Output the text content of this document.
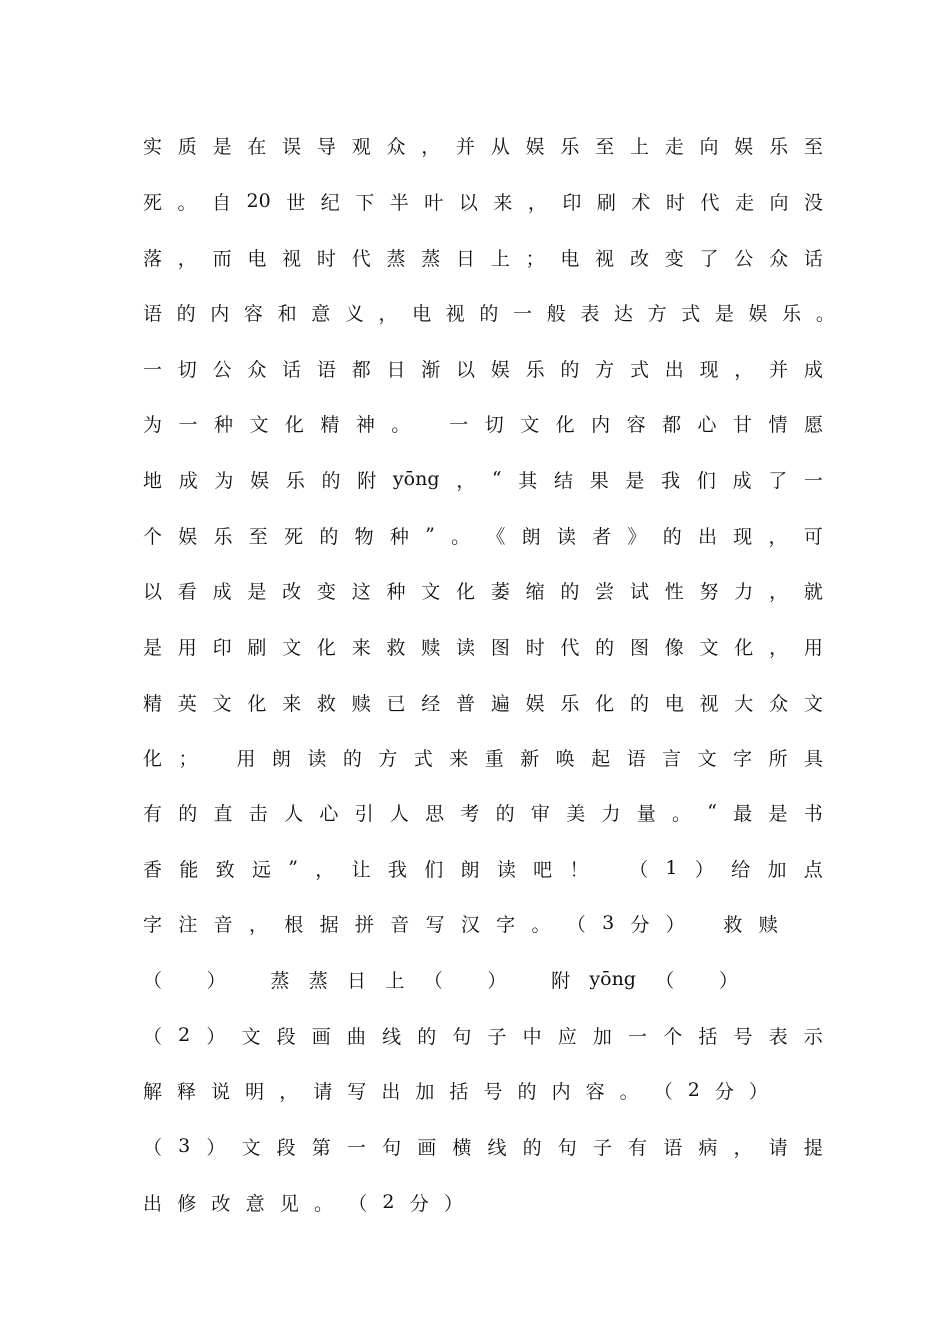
实 质 是 在 误 导 观 众 ， 并 从 娱 乐 至 上 走 向 娱 乐 至
死 。 自 20 世 纪 下 半 叶 以 来 ， 印 刷 术 时 代 走 向 没
落 ， 而 电 视 时 代 蒸 蒸 日 上 ； 电 视 改 变 了 公 众 话
语 的 内 容 和 意 义 ， 电 视 的 一 般 表 达 方 式 是 娱 乐 。
一 切 公 众 话 语 都 日 渐 以 娱 乐 的 方 式 出 现 ， 并 成
为 一 种 文 化 精 神 。
一 切 文 化 内 容 都 心 甘 情 愿
地 成 为 娱 乐 的 附 yōng ， “ 其 结 果 是 我 们 成 了 一
个 娱 乐 至 死 的 物 种 ” 。 《 朗 读 者 》 的 出 现 ， 可
以 看 成 是 改 变 这 种 文 化 萎 缩 的 尝 试 性 努 力 ， 就
是 用 印 刷 文 化 来 救 赎 读 图 时 代 的 图 像 文 化 ， 用
精 英 文 化 来 救 赎 已 经 普 遍 娱 乐 化 的 电 视 大 众 文
化 ；
用 朗 读 的 方 式 来 重 新 唤 起 语 言 文 字 所 具
有 的 直 击 人 心 引 人 思 考 的 审 美 力 量 。 “ 最 是 书
香 能 致 远 ” ， 让 我 们 朗 读 吧 ！
（ 1 ） 给 加 点
字 注 音 ， 根 据 拼 音 写 汉 字 。 （ 3 分 ）
救 赎
（
）
蒸 蒸 日 上 （
）
附 yōng （
）
（ 2 ） 文 段 画 曲 线 的 句 子 中 应 加 一 个 括 号 表 示
解 释 说 明 ， 请 写 出 加 括 号 的 内 容 。 （ 2 分 ）
（ 3 ） 文 段 第 一 句 画 横 线 的 句 子 有 语 病 ， 请 提
出 修 改 意 见 。 （ 2 分 ）
